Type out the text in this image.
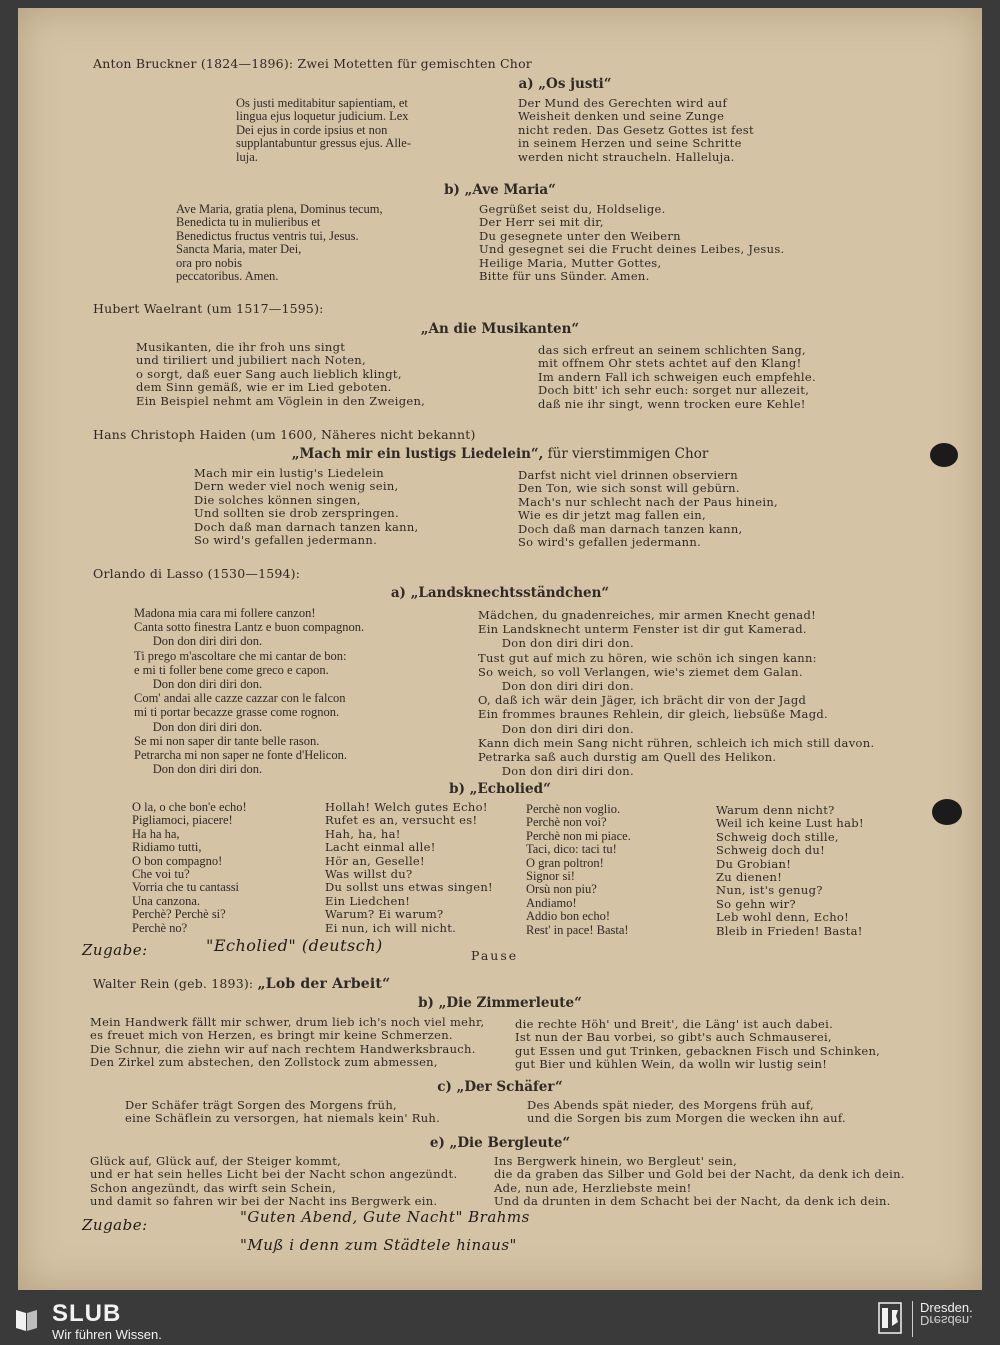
Anton Bruckner (1824—1896): Zwei Motetten für gemischten Chor
a) „Os justi“
Os justi meditabitur sapientiam, et
lingua ejus loquetur judicium. Lex
Dei ejus in corde ipsius et non
supplantabuntur gressus ejus. Alle-
luja.
Der Mund des Gerechten wird auf
Weisheit denken und seine Zunge
nicht reden. Das Gesetz Gottes ist fest
in seinem Herzen und seine Schritte
werden nicht straucheln. Halleluja.
b) „Ave Maria“
Ave Maria, gratia plena, Dominus tecum,
Benedicta tu in mulieribus et
Benedictus fructus ventris tui, Jesus.
Sancta Maria, mater Dei,
ora pro nobis
peccatoribus. Amen.
Gegrüßet seist du, Holdselige.
Der Herr sei mit dir,
Du gesegnete unter den Weibern
Und gesegnet sei die Frucht deines Leibes, Jesus.
Heilige Maria, Mutter Gottes,
Bitte für uns Sünder. Amen.
Hubert Waelrant (um 1517—1595):
„An die Musikanten“
Musikanten, die ihr froh uns singt
und tiriliert und jubiliert nach Noten,
o sorgt, daß euer Sang auch lieblich klingt,
dem Sinn gemäß, wie er im Lied geboten.
Ein Beispiel nehmt am Vöglein in den Zweigen,
das sich erfreut an seinem schlichten Sang,
mit offnem Ohr stets achtet auf den Klang!
Im andern Fall ich schweigen euch empfehle.
Doch bitt' ich sehr euch: sorget nur allezeit,
daß nie ihr singt, wenn trocken eure Kehle!
Hans Christoph Haiden (um 1600, Näheres nicht bekannt)
„Mach mir ein lustigs Liedelein“, für vierstimmigen Chor
Mach mir ein lustig's Liedelein
Dern weder viel noch wenig sein,
Die solches können singen,
Und sollten sie drob zerspringen.
Doch daß man darnach tanzen kann,
So wird's gefallen jedermann.
Darfst nicht viel drinnen observiern
Den Ton, wie sich sonst will gebürn.
Mach's nur schlecht nach der Paus hinein,
Wie es dir jetzt mag fallen ein,
Doch daß man darnach tanzen kann,
So wird's gefallen jedermann.
Orlando di Lasso (1530—1594):
a) „Landsknechtsständchen“
Madona mia cara mi follere canzon!
Canta sotto finestra Lantz e buon compagnon.
Don don diri diri don.
Ti prego m'ascoltare che mi cantar de bon:
e mi ti foller bene come greco e capon.
Don don diri diri don.
Com' andai alle cazze cazzar con le falcon
mi ti portar becazze grasse come rognon.
Don don diri diri don.
Se mi non saper dir tante belle rason.
Petrarcha mi non saper ne fonte d'Helicon.
Don don diri diri don.
Mädchen, du gnadenreiches, mir armen Knecht genad!
Ein Landsknecht unterm Fenster ist dir gut Kamerad.
Don don diri diri don.
Tust gut auf mich zu hören, wie schön ich singen kann:
So weich, so voll Verlangen, wie's ziemet dem Galan.
Don don diri diri don.
O, daß ich wär dein Jäger, ich brächt dir von der Jagd
Ein frommes braunes Rehlein, dir gleich, liebsüße Magd.
Don don diri diri don.
Kann dich mein Sang nicht rühren, schleich ich mich still davon.
Petrarka saß auch durstig am Quell des Helikon.
Don don diri diri don.
b) „Echolied“
O la, o che bon'e echo!
Pigliamoci, piacere!
Ha ha ha,
Ridiamo tutti,
O bon compagno!
Che voi tu?
Vorria che tu cantassi
Una canzona.
Perchè? Perchè si?
Perchè no?
Hollah! Welch gutes Echo!
Rufet es an, versucht es!
Hah, ha, ha!
Lacht einmal alle!
Hör an, Geselle!
Was willst du?
Du sollst uns etwas singen!
Ein Liedchen!
Warum? Ei warum?
Ei nun, ich will nicht.
Perchè non voglio.
Perchè non voi?
Perchè non mi piace.
Taci, dico: taci tu!
O gran poltron!
Signor si!
Orsù non piu?
Andiamo!
Addio bon echo!
Rest' in pace! Basta!
Warum denn nicht?
Weil ich keine Lust hab!
Schweig doch stille,
Schweig doch du!
Du Grobian!
Zu dienen!
Nun, ist's genug?
So gehn wir?
Leb wohl denn, Echo!
Bleib in Frieden! Basta!
Zugabe:	"Echolied" (deutsch)
Pause
Walter Rein (geb. 1893): „Lob der Arbeit“
b) „Die Zimmerleute“
Mein Handwerk fällt mir schwer, drum lieb ich's noch viel mehr,
es freuet mich von Herzen, es bringt mir keine Schmerzen.
Die Schnur, die ziehn wir auf nach rechtem Handwerksbrauch.
Den Zirkel zum abstechen, den Zollstock zum abmessen,
die rechte Höh' und Breit', die Läng' ist auch dabei.
Ist nun der Bau vorbei, so gibt's auch Schmauserei,
gut Essen und gut Trinken, gebacknen Fisch und Schinken,
gut Bier und kühlen Wein, da wolln wir lustig sein!
c) „Der Schäfer“
Der Schäfer trägt Sorgen des Morgens früh,
eine Schäflein zu versorgen, hat niemals kein' Ruh.
Des Abends spät nieder, des Morgens früh auf,
und die Sorgen bis zum Morgen die wecken ihn auf.
e) „Die Bergleute“
Glück auf, Glück auf, der Steiger kommt,
und er hat sein helles Licht bei der Nacht schon angezündt.
Schon angezündt, das wirft sein Schein,
und damit so fahren wir bei der Nacht ins Bergwerk ein.
Ins Bergwerk hinein, wo Bergleut' sein,
die da graben das Silber und Gold bei der Nacht, da denk ich dein.
Ade, nun ade, Herzliebste mein!
Und da drunten in dem Schacht bei der Nacht, da denk ich dein.
Zugabe:	"Guten Abend, Gute Nacht" Brahms
"Muß i denn zum Städtele hinaus"
SLUB
Wir führen Wissen.
Dresden.
Dresden.
